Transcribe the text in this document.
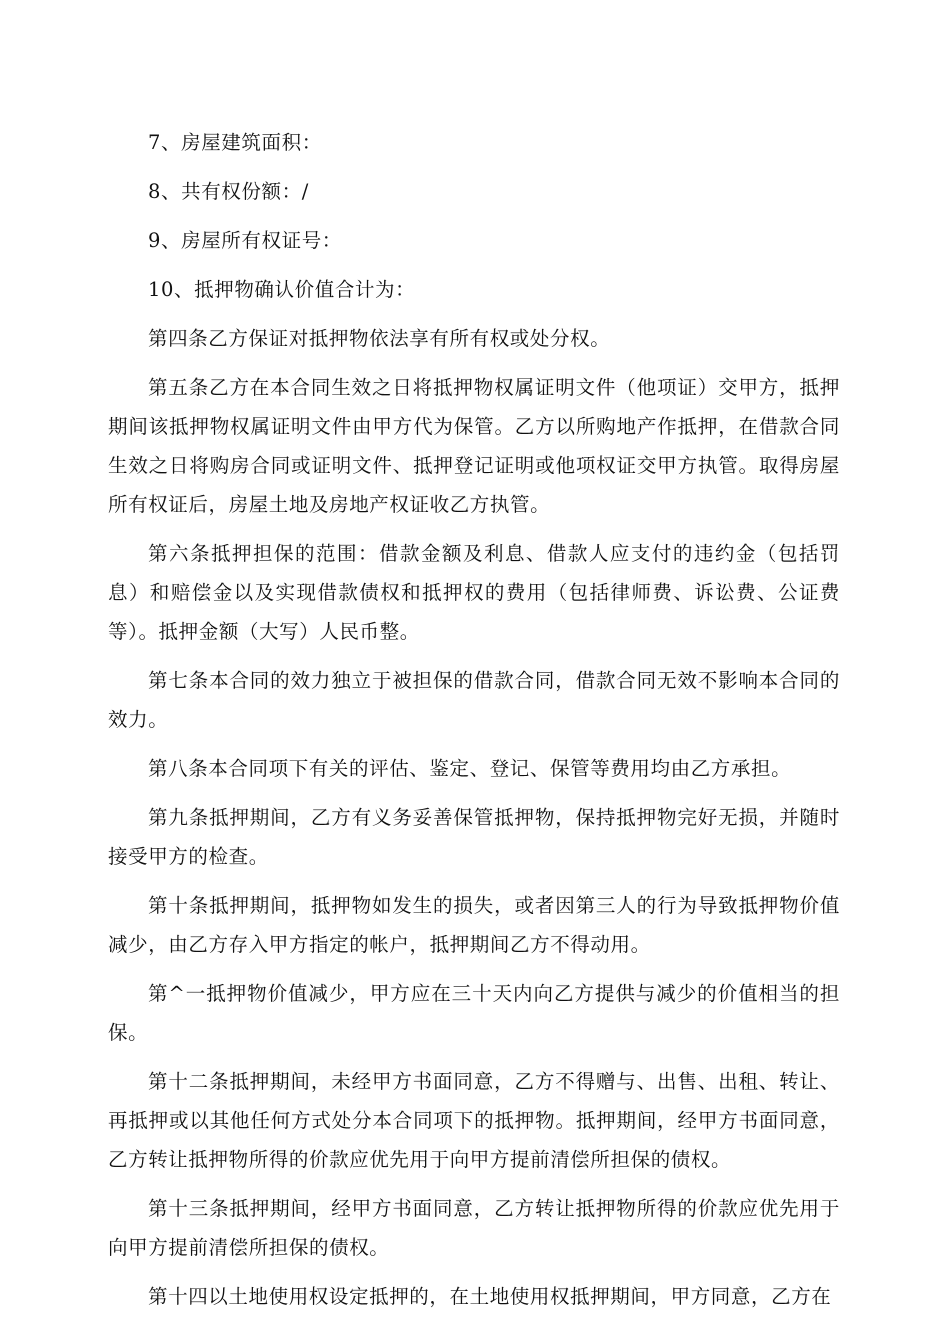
7、房屋建筑面积：

8、共有权份额：/

9、房屋所有权证号：

10、抵押物确认价值合计为：

第四条乙方保证对抵押物依法享有所有权或处分权。

第五条乙方在本合同生效之日将抵押物权属证明文件（他项证）交甲方，抵押期间该抵押物权属证明文件由甲方代为保管。乙方以所购地产作抵押，在借款合同生效之日将购房合同或证明文件、抵押登记证明或他项权证交甲方执管。取得房屋所有权证后，房屋土地及房地产权证收乙方执管。

第六条抵押担保的范围：借款金额及利息、借款人应支付的违约金（包括罚息）和赔偿金以及实现借款债权和抵押权的费用（包括律师费、诉讼费、公证费等）。抵押金额（大写）人民币整。

第七条本合同的效力独立于被担保的借款合同，借款合同无效不影响本合同的效力。

第八条本合同项下有关的评估、鉴定、登记、保管等费用均由乙方承担。

第九条抵押期间，乙方有义务妥善保管抵押物，保持抵押物完好无损，并随时接受甲方的检查。

第十条抵押期间，抵押物如发生的损失，或者因第三人的行为导致抵押物价值减少，由乙方存入甲方指定的帐户，抵押期间乙方不得动用。

第^一抵押物价值减少，甲方应在三十天内向乙方提供与减少的价值相当的担保。

第十二条抵押期间，未经甲方书面同意，乙方不得赠与、出售、出租、转让、再抵押或以其他任何方式处分本合同项下的抵押物。抵押期间，经甲方书面同意，乙方转让抵押物所得的价款应优先用于向甲方提前清偿所担保的债权。

第十三条抵押期间，经甲方书面同意，乙方转让抵押物所得的价款应优先用于向甲方提前清偿所担保的债权。

第十四以土地使用权设定抵押的，在土地使用权抵押期间，甲方同意，乙方在
